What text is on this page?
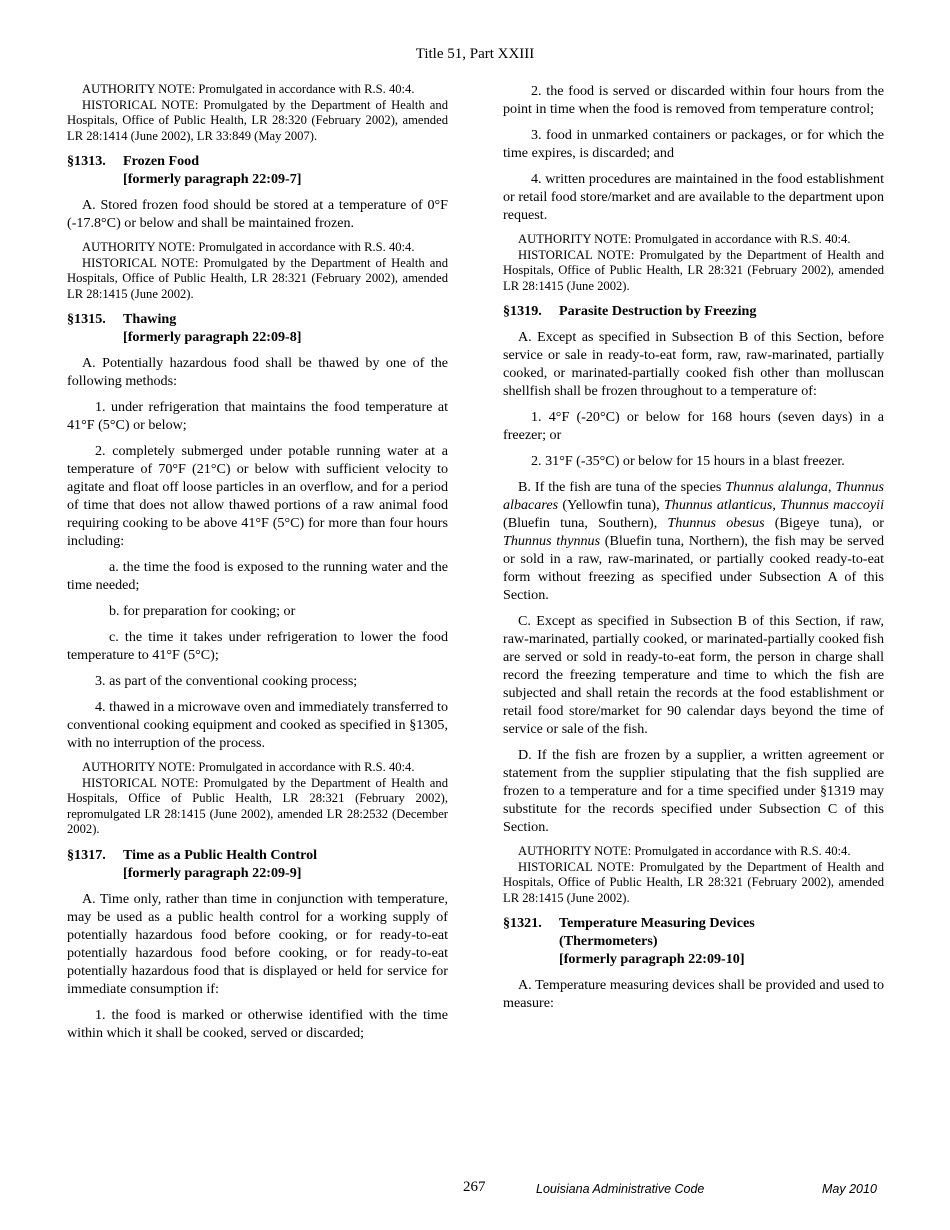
Title 51, Part XXIII

AUTHORITY NOTE: Promulgated in accordance with R.S. 40:4.

HISTORICAL NOTE: Promulgated by the Department of Health and Hospitals, Office of Public Health, LR 28:320 (February 2002), amended LR 28:1414 (June 2002), LR 33:849 (May 2007).

§1313.	Frozen Food
[formerly paragraph 22:09-7]

A. Stored frozen food should be stored at a temperature of 0°F (-17.8°C) or below and shall be maintained frozen.

AUTHORITY NOTE: Promulgated in accordance with R.S. 40:4.

HISTORICAL NOTE: Promulgated by the Department of Health and Hospitals, Office of Public Health, LR 28:321 (February 2002), amended LR 28:1415 (June 2002).

§1315.	Thawing
[formerly paragraph 22:09-8]

A. Potentially hazardous food shall be thawed by one of the following methods:

1. under refrigeration that maintains the food temperature at 41°F (5°C) or below;

2. completely submerged under potable running water at a temperature of 70°F (21°C) or below with sufficient velocity to agitate and float off loose particles in an overflow, and for a period of time that does not allow thawed portions of a raw animal food requiring cooking to be above 41°F (5°C) for more than four hours including:

a. the time the food is exposed to the running water and the time needed;

b. for preparation for cooking; or

c. the time it takes under refrigeration to lower the food temperature to 41°F (5°C);

3. as part of the conventional cooking process;

4. thawed in a microwave oven and immediately transferred to conventional cooking equipment and cooked as specified in §1305, with no interruption of the process.

AUTHORITY NOTE: Promulgated in accordance with R.S. 40:4.

HISTORICAL NOTE: Promulgated by the Department of Health and Hospitals, Office of Public Health, LR 28:321 (February 2002), repromulgated LR 28:1415 (June 2002), amended LR 28:2532 (December 2002).

§1317.	Time as a Public Health Control
[formerly paragraph 22:09-9]

A. Time only, rather than time in conjunction with temperature, may be used as a public health control for a working supply of potentially hazardous food before cooking, or for ready-to-eat potentially hazardous food before cooking, or for ready-to-eat potentially hazardous food that is displayed or held for service for immediate consumption if:

1. the food is marked or otherwise identified with the time within which it shall be cooked, served or discarded;

2. the food is served or discarded within four hours from the point in time when the food is removed from temperature control;

3. food in unmarked containers or packages, or for which the time expires, is discarded; and

4. written procedures are maintained in the food establishment or retail food store/market and are available to the department upon request.

AUTHORITY NOTE: Promulgated in accordance with R.S. 40:4.

HISTORICAL NOTE: Promulgated by the Department of Health and Hospitals, Office of Public Health, LR 28:321 (February 2002), amended LR 28:1415 (June 2002).

§1319.	Parasite Destruction by Freezing

A. Except as specified in Subsection B of this Section, before service or sale in ready-to-eat form, raw, raw-marinated, partially cooked, or marinated-partially cooked fish other than molluscan shellfish shall be frozen throughout to a temperature of:

1. 4°F (-20°C) or below for 168 hours (seven days) in a freezer; or

2. 31°F (-35°C) or below for 15 hours in a blast freezer.

B. If the fish are tuna of the species Thunnus alalunga, Thunnus albacares (Yellowfin tuna), Thunnus atlanticus, Thunnus maccoyii (Bluefin tuna, Southern), Thunnus obesus (Bigeye tuna), or Thunnus thynnus (Bluefin tuna, Northern), the fish may be served or sold in a raw, raw-marinated, or partially cooked ready-to-eat form without freezing as specified under Subsection A of this Section.

C. Except as specified in Subsection B of this Section, if raw, raw-marinated, partially cooked, or marinated-partially cooked fish are served or sold in ready-to-eat form, the person in charge shall record the freezing temperature and time to which the fish are subjected and shall retain the records at the food establishment or retail food store/market for 90 calendar days beyond the time of service or sale of the fish.

D. If the fish are frozen by a supplier, a written agreement or statement from the supplier stipulating that the fish supplied are frozen to a temperature and for a time specified under §1319 may substitute for the records specified under Subsection C of this Section.

AUTHORITY NOTE: Promulgated in accordance with R.S. 40:4.

HISTORICAL NOTE: Promulgated by the Department of Health and Hospitals, Office of Public Health, LR 28:321 (February 2002), amended LR 28:1415 (June 2002).

§1321.	Temperature Measuring Devices
(Thermometers)
[formerly paragraph 22:09-10]

A. Temperature measuring devices shall be provided and used to measure:

267	Louisiana Administrative Code	May 2010
